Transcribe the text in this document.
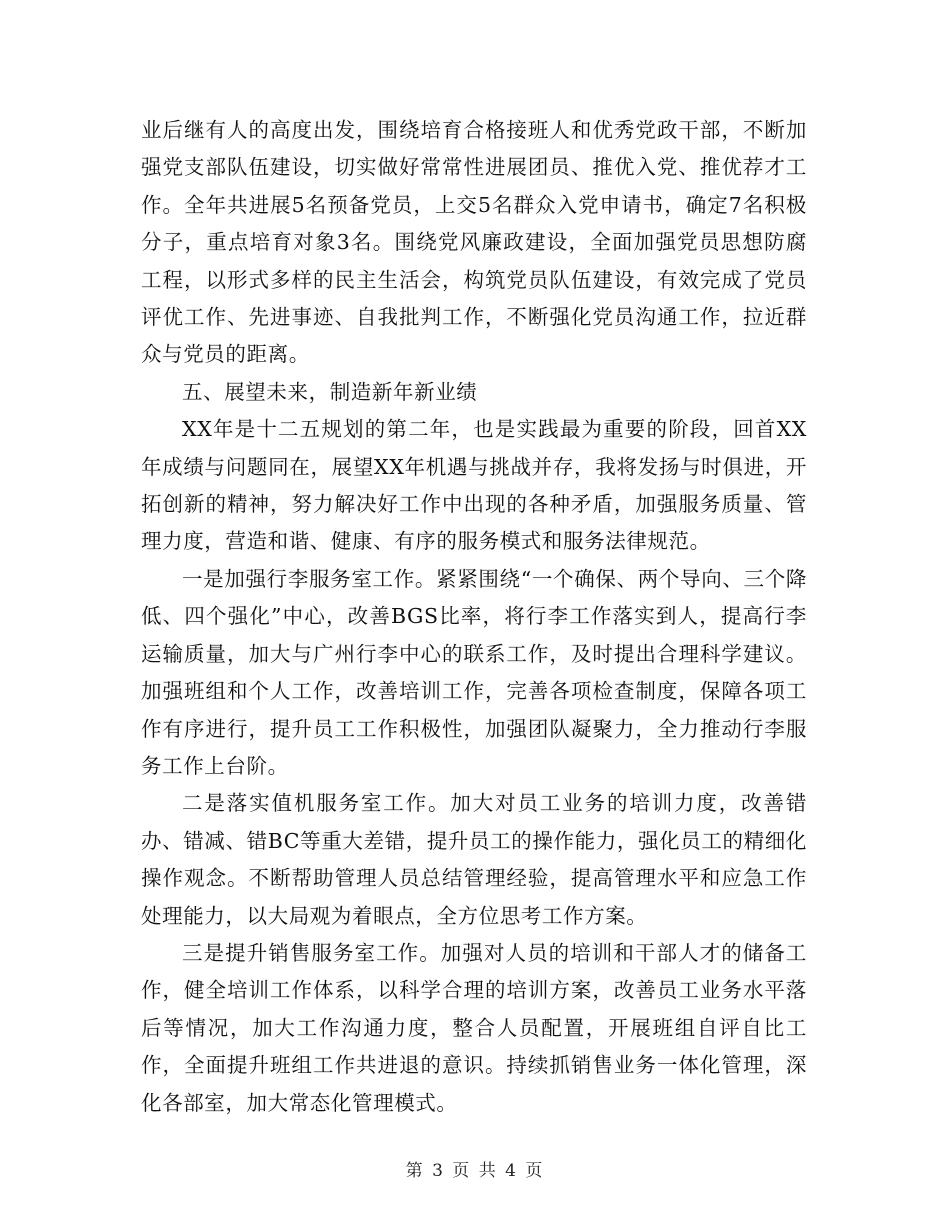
业后继有人的高度出发，围绕培育合格接班人和优秀党政干部，不断加强党支部队伍建设，切实做好常常性进展团员、推优入党、推优荐才工作。全年共进展5名预备党员，上交5名群众入党申请书，确定7名积极分子，重点培育对象3名。围绕党风廉政建设，全面加强党员思想防腐工程，以形式多样的民主生活会，构筑党员队伍建设，有效完成了党员评优工作、先进事迹、自我批判工作，不断强化党员沟通工作，拉近群众与党员的距离。

五、展望未来，制造新年新业绩

XX年是十二五规划的第二年，也是实践最为重要的阶段，回首XX年成绩与问题同在，展望XX年机遇与挑战并存，我将发扬与时俱进，开拓创新的精神，努力解决好工作中出现的各种矛盾，加强服务质量、管理力度，营造和谐、健康、有序的服务模式和服务法律规范。

一是加强行李服务室工作。紧紧围绕“一个确保、两个导向、三个降低、四个强化”中心，改善BGS比率，将行李工作落实到人，提高行李运输质量，加大与广州行李中心的联系工作，及时提出合理科学建议。加强班组和个人工作，改善培训工作，完善各项检查制度，保障各项工作有序进行，提升员工工作积极性，加强团队凝聚力，全力推动行李服务工作上台阶。

二是落实值机服务室工作。加大对员工业务的培训力度，改善错办、错减、错BC等重大差错，提升员工的操作能力，强化员工的精细化操作观念。不断帮助管理人员总结管理经验，提高管理水平和应急工作处理能力，以大局观为着眼点，全方位思考工作方案。

三是提升销售服务室工作。加强对人员的培训和干部人才的储备工作，健全培训工作体系，以科学合理的培训方案，改善员工业务水平落后等情况，加大工作沟通力度，整合人员配置，开展班组自评自比工作，全面提升班组工作共进退的意识。持续抓销售业务一体化管理，深化各部室，加大常态化管理模式。

第 3 页 共 4 页
